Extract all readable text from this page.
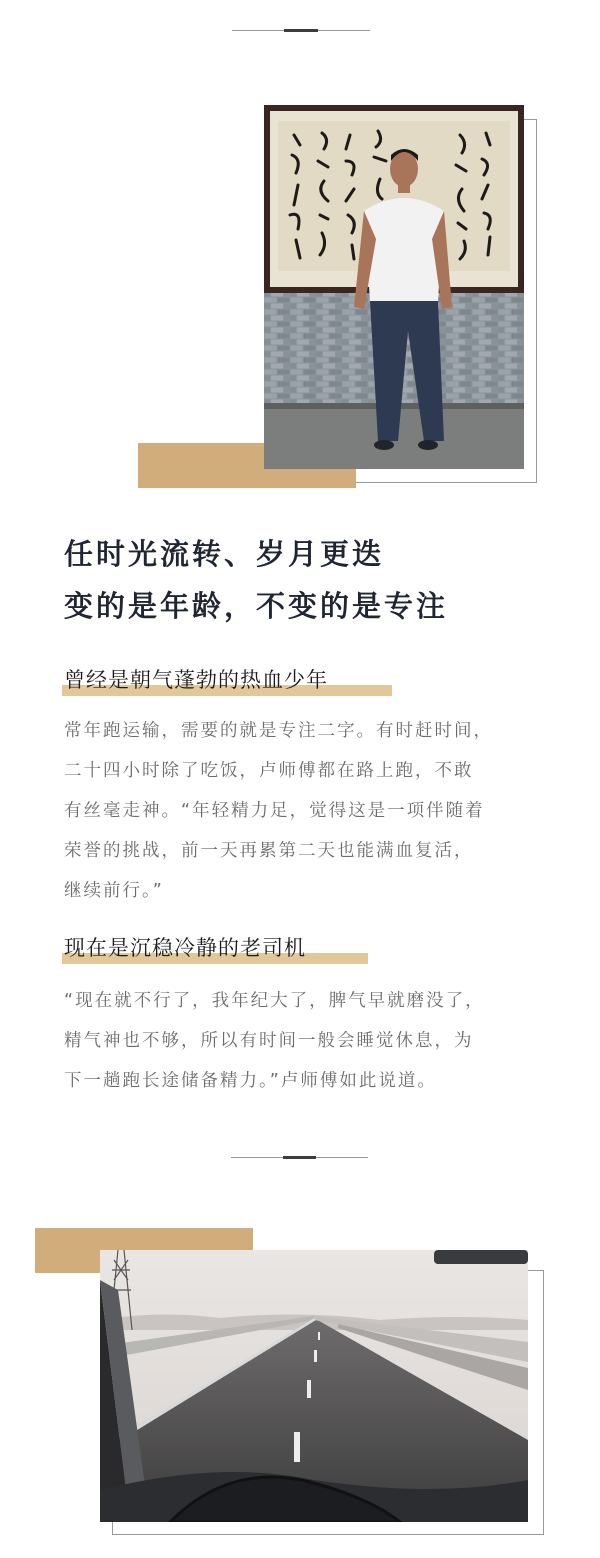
任时光流转、岁月更迭
变的是年龄，不变的是专注
曾经是朝气蓬勃的热血少年
常年跑运输，需要的就是专注二字。有时赶时间，
二十四小时除了吃饭，卢师傅都在路上跑，不敢
有丝毫走神。“年轻精力足，觉得这是一项伴随着
荣誉的挑战，前一天再累第二天也能满血复活，
继续前行。”
现在是沉稳冷静的老司机
“现在就不行了，我年纪大了，脾气早就磨没了，
精气神也不够，所以有时间一般会睡觉休息，为
下一趟跑长途储备精力。”卢师傅如此说道。
